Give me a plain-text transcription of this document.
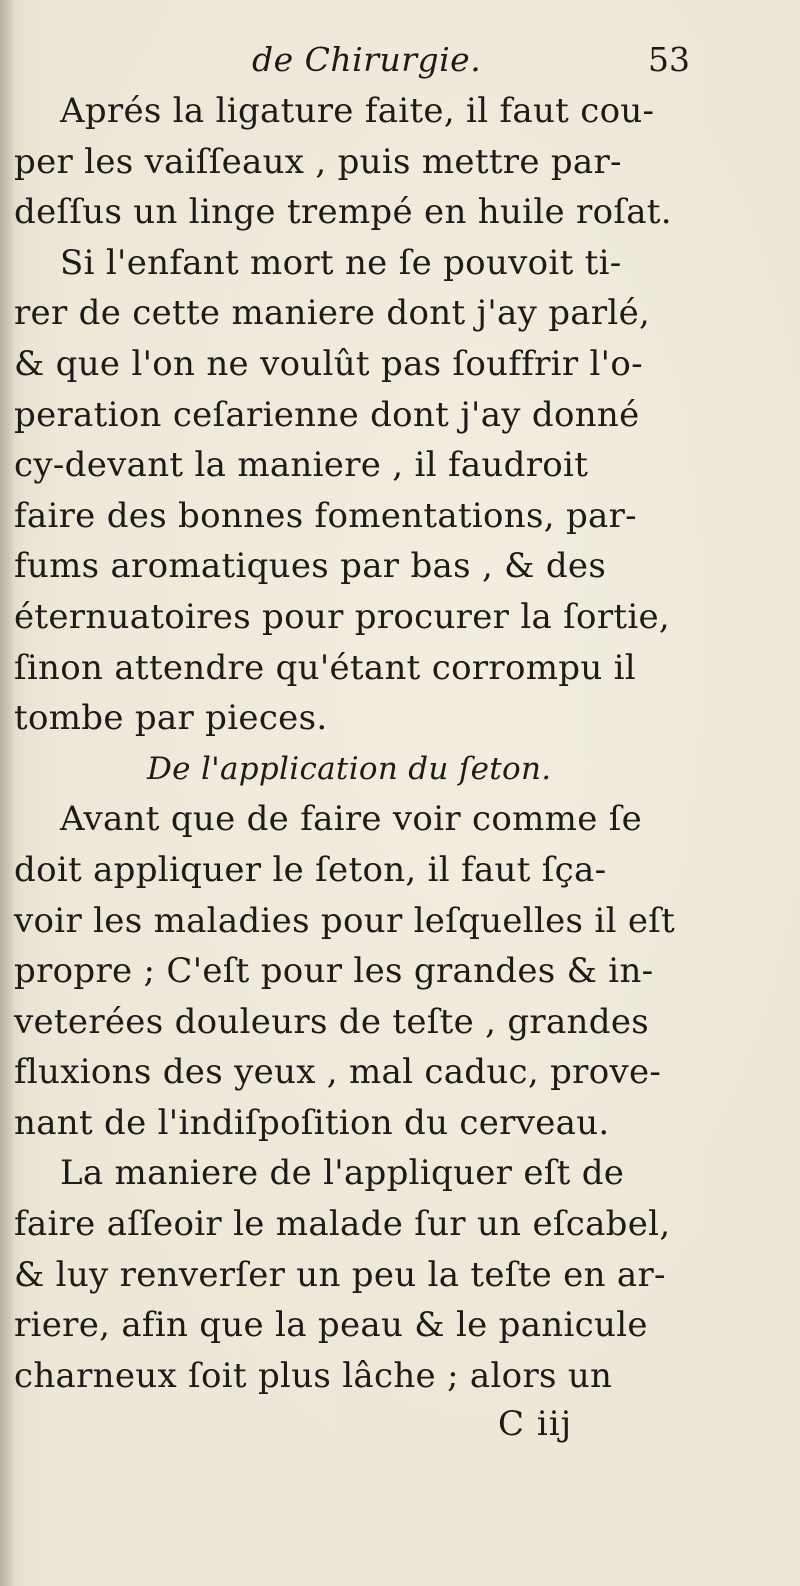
de Chirurgie.	53
Aprés la ligature faite, il faut cou-
per les vaiſſeaux , puis mettre par-
deſſus un linge trempé en huile roſat.
Si l'enfant mort ne ſe pouvoit ti-
rer de cette maniere dont j'ay parlé,
& que l'on ne voulût pas ſouffrir l'o-
peration ceſarienne dont j'ay donné
cy-devant la maniere , il faudroit
faire des bonnes fomentations, par-
fums aromatiques par bas , & des
éternuatoires pour procurer la ſortie,
ſinon attendre qu'étant corrompu il
tombe par pieces.
De l'application du ſeton.
Avant que de faire voir comme ſe
doit appliquer le ſeton, il faut ſça-
voir les maladies pour leſquelles il eſt
propre ; C'eſt pour les grandes & in-
veterées douleurs de teſte , grandes
fluxions des yeux , mal caduc, prove-
nant de l'indiſpoſition du cerveau.
La maniere de l'appliquer eſt de
faire aſſeoir le malade ſur un eſcabel,
& luy renverſer un peu la teſte en ar-
riere, afin que la peau & le panicule
charneux ſoit plus lâche ; alors un
C iij
